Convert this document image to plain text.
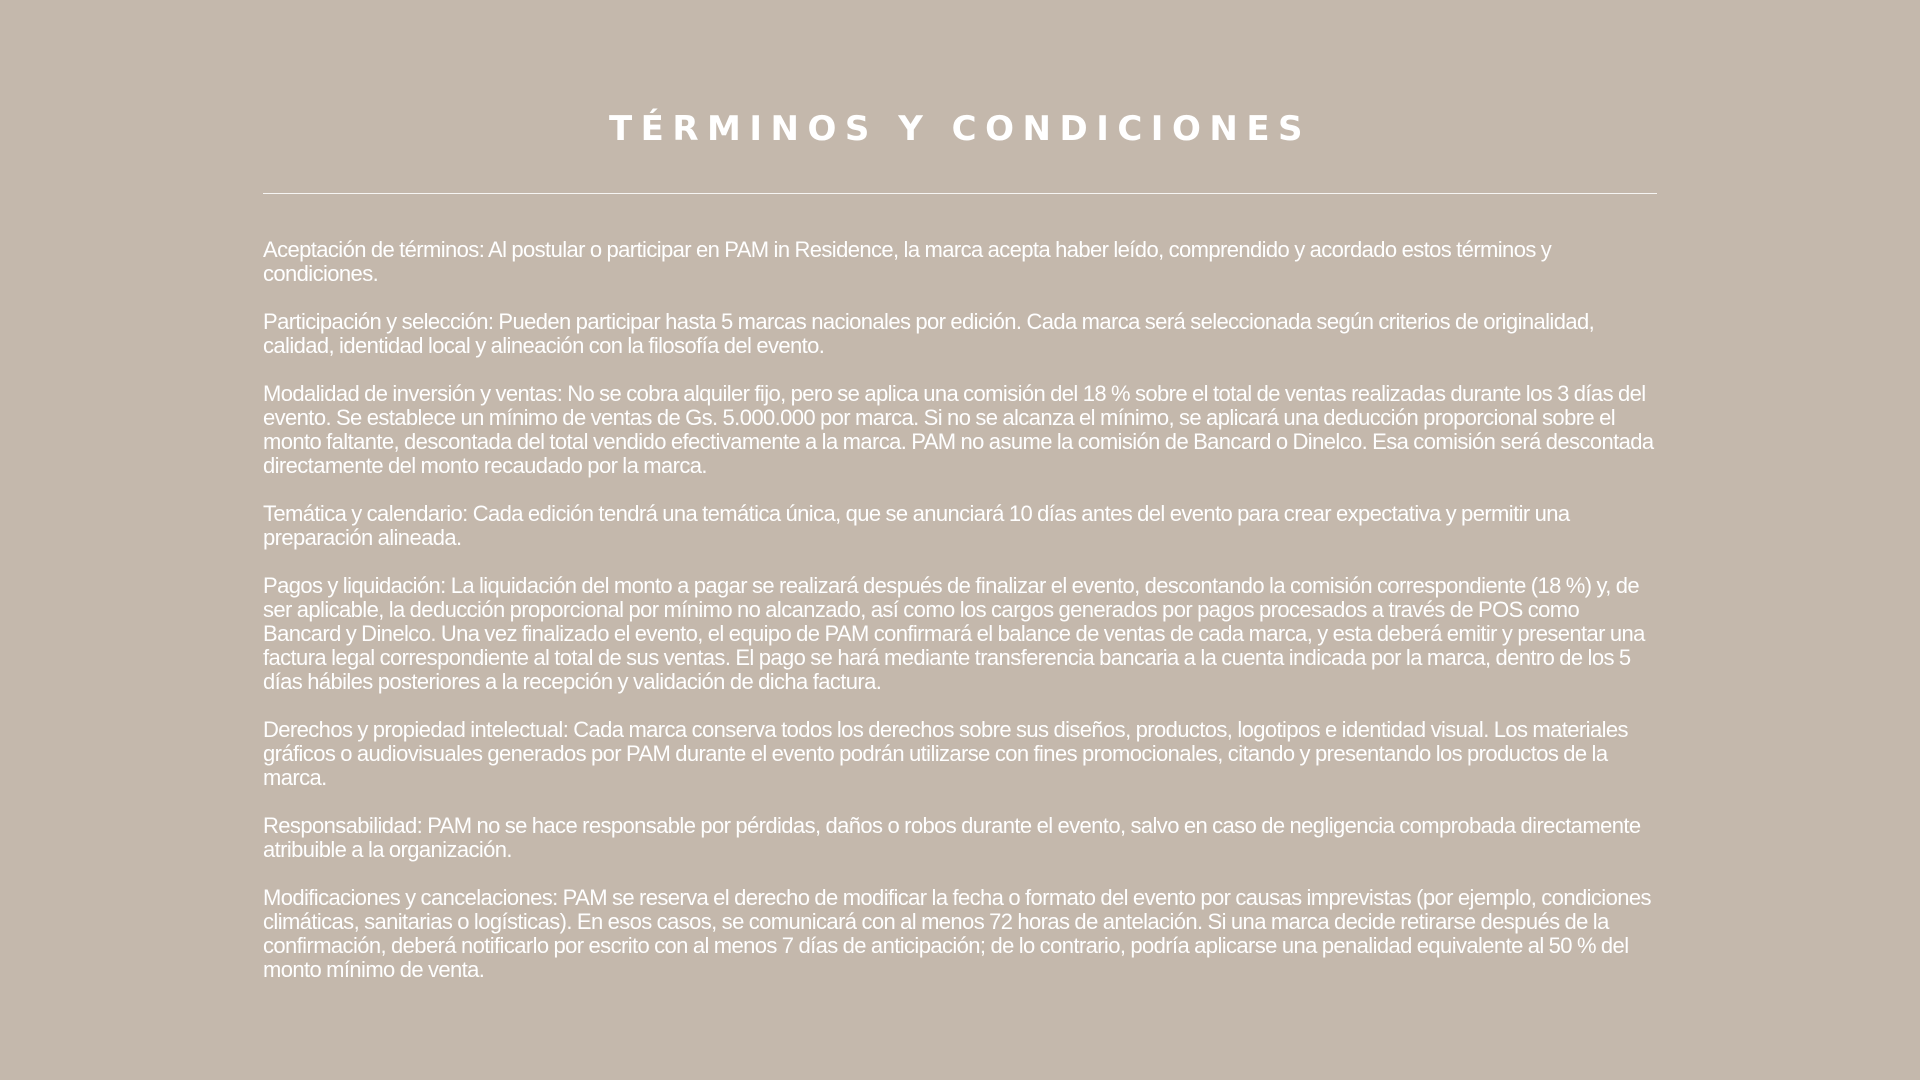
TÉRMINOS Y CONDICIONES

Aceptación de términos: Al postular o participar en PAM in Residence, la marca acepta haber leído, comprendido y acordado estos términos y condiciones.

Participación y selección: Pueden participar hasta 5 marcas nacionales por edición. Cada marca será seleccionada según criterios de originalidad, calidad, identidad local y alineación con la filosofía del evento.

Modalidad de inversión y ventas: No se cobra alquiler fijo, pero se aplica una comisión del 18 % sobre el total de ventas realizadas durante los 3 días del evento. Se establece un mínimo de ventas de Gs. 5.000.000 por marca. Si no se alcanza el mínimo, se aplicará una deducción proporcional sobre el monto faltante, descontada del total vendido efectivamente a la marca. PAM no asume la comisión de Bancard o Dinelco. Esa comisión será descontada directamente del monto recaudado por la marca.

Temática y calendario: Cada edición tendrá una temática única, que se anunciará 10 días antes del evento para crear expectativa y permitir una preparación alineada.

Pagos y liquidación: La liquidación del monto a pagar se realizará después de finalizar el evento, descontando la comisión correspondiente (18 %) y, de ser aplicable, la deducción proporcional por mínimo no alcanzado, así como los cargos generados por pagos procesados a través de POS como Bancard y Dinelco. Una vez finalizado el evento, el equipo de PAM confirmará el balance de ventas de cada marca, y esta deberá emitir y presentar una factura legal correspondiente al total de sus ventas. El pago se hará mediante transferencia bancaria a la cuenta indicada por la marca, dentro de los 5 días hábiles posteriores a la recepción y validación de dicha factura.

Derechos y propiedad intelectual: Cada marca conserva todos los derechos sobre sus diseños, productos, logotipos e identidad visual. Los materiales gráficos o audiovisuales generados por PAM durante el evento podrán utilizarse con fines promocionales, citando y presentando los productos de la marca.

Responsabilidad: PAM no se hace responsable por pérdidas, daños o robos durante el evento, salvo en caso de negligencia comprobada directamente atribuible a la organización.

Modificaciones y cancelaciones: PAM se reserva el derecho de modificar la fecha o formato del evento por causas imprevistas (por ejemplo, condiciones climáticas, sanitarias o logísticas). En esos casos, se comunicará con al menos 72 horas de antelación. Si una marca decide retirarse después de la confirmación, deberá notificarlo por escrito con al menos 7 días de anticipación; de lo contrario, podría aplicarse una penalidad equivalente al 50 % del monto mínimo de venta.
